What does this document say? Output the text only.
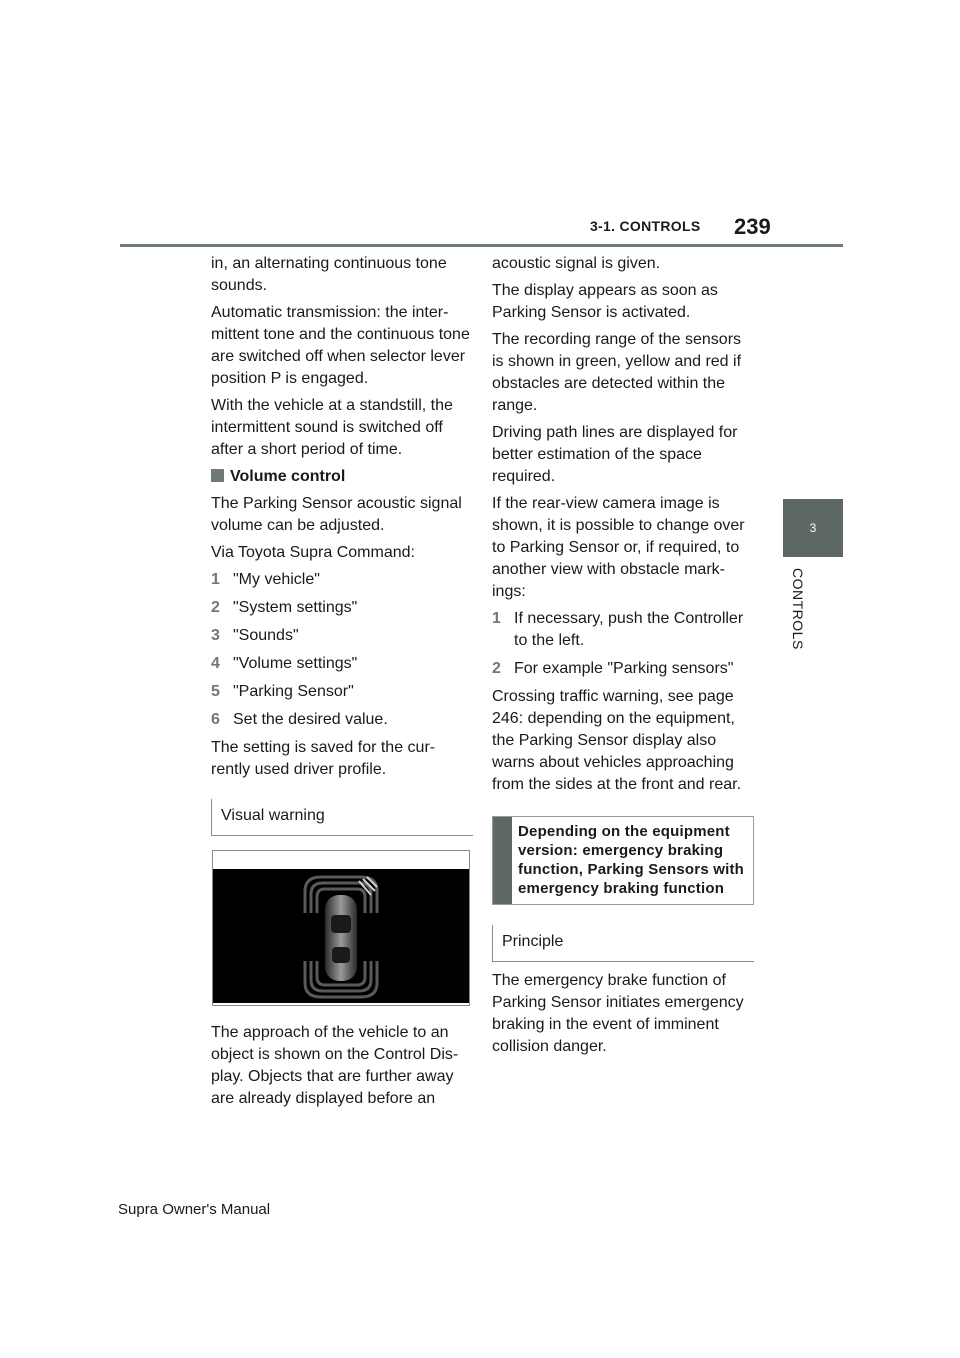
3-1. CONTROLS 239
3
CONTROLS

in, an alternating continuous tone sounds.

Automatic transmission: the inter-mittent tone and the continuous tone are switched off when selector lever position P is engaged.

With the vehicle at a standstill, the intermittent sound is switched off after a short period of time.

Volume control

The Parking Sensor acoustic signal volume can be adjusted.

Via Toyota Supra Command:

1 "My vehicle"
2 "System settings"
3 "Sounds"
4 "Volume settings"
5 "Parking Sensor"
6 Set the desired value.

The setting is saved for the cur-rently used driver profile.

Visual warning

The approach of the vehicle to an object is shown on the Control Dis-play. Objects that are further away are already displayed before an

acoustic signal is given.

The display appears as soon as Parking Sensor is activated.

The recording range of the sensors is shown in green, yellow and red if obstacles are detected within the range.

Driving path lines are displayed for better estimation of the space required.

If the rear-view camera image is shown, it is possible to change over to Parking Sensor or, if required, to another view with obstacle mark-ings:

1 If necessary, push the Controller to the left.
2 For example "Parking sensors"

Crossing traffic warning, see page 246: depending on the equipment, the Parking Sensor display also warns about vehicles approaching from the sides at the front and rear.

Depending on the equipment version: emergency braking function, Parking Sensors with emergency braking function
Principle

The emergency brake function of Parking Sensor initiates emergency braking in the event of imminent collision danger.

Supra Owner's Manual
